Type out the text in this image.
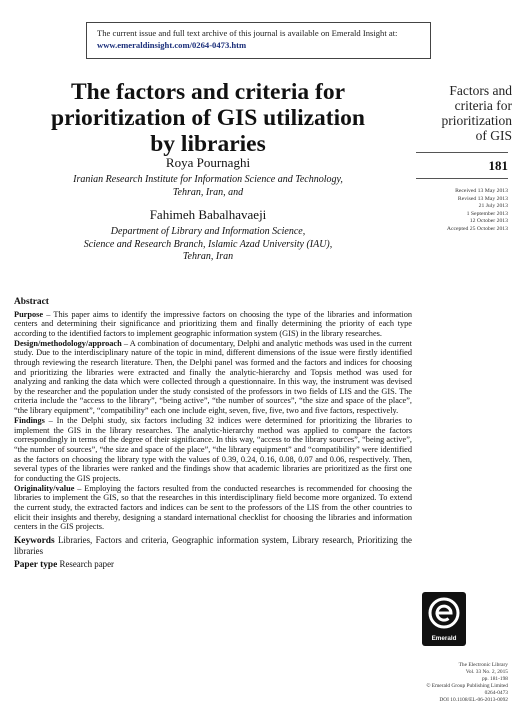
The current issue and full text archive of this journal is available on Emerald Insight at:
www.emeraldinsight.com/0264-0473.htm
The factors and criteria for
prioritization of GIS utilization
by libraries
Roya Pournaghi
Iranian Research Institute for Information Science and Technology,
Tehran, Iran, and
Fahimeh Babalhavaeji
Department of Library and Information Science,
Science and Research Branch, Islamic Azad University (IAU),
Tehran, Iran
Factors and
criteria for
prioritization
of GIS
181
Received 13 May 2013
Revised 13 May 2013
21 July 2013
1 September 2013
12 October 2013
Accepted 25 October 2013
Abstract

Purpose – This paper aims to identify the impressive factors on choosing the type of the libraries and information centers and determining their significance and prioritizing them and finally determining the priority of each type according to the identified factors to implement geographic information system (GIS) in the library researches.

Design/methodology/approach – A combination of documentary, Delphi and analytic methods was used in the current study. Due to the interdisciplinary nature of the topic in mind, different dimensions of the issue were firstly identified through reviewing the research literature. Then, the Delphi panel was formed and the factors and indices for choosing and prioritizing the libraries were extracted and finally the analytic-hierarchy and Topsis method was used for analyzing and ranking the data which were collected through a questionnaire. In this way, the instrument was devised by the researcher and the population under the study consisted of the professors in two fields of LIS and the GIS. The criteria include the “access to the library”, “being active”, “the number of sources”, “the size and space of the place”, “the library equipment”, “compatibility” each one include eight, seven, five, five, two and five factors, respectively.

Findings – In the Delphi study, six factors including 32 indices were determined for prioritizing the libraries to implement the GIS in the library researches. The analytic-hierarchy method was applied to compare the factors correspondingly in terms of the degree of their significance. In this way, “access to the library sources”, “being active”, “the number of sources”, “the size and space of the place”, “the library equipment” and “compatibility” were identified as the factors on choosing the library type with the values of 0.39, 0.24, 0.16, 0.08, 0.07 and 0.06, respectively. Then, several types of the libraries were ranked and the findings show that academic libraries are prioritized as the first one for conducting the GIS projects.

Originality/value – Employing the factors resulted from the conducted researches is recommended for choosing the libraries to implement the GIS, so that the researches in this interdisciplinary field become more organized. To extend the current study, the extracted factors and indices can be sent to the professors of the LIS from the other countries to elicit their insights and thereby, designing a standard international checklist for choosing the libraries and information centers in the GIS projects.

Keywords Libraries, Factors and criteria, Geographic information system, Library research, Prioritizing the libraries

Paper type Research paper

Emerald
The Electronic Library
Vol. 33 No. 2, 2015
pp. 181-198
© Emerald Group Publishing Limited
0264-0473
DOI 10.1108/EL-06-2013-0092
